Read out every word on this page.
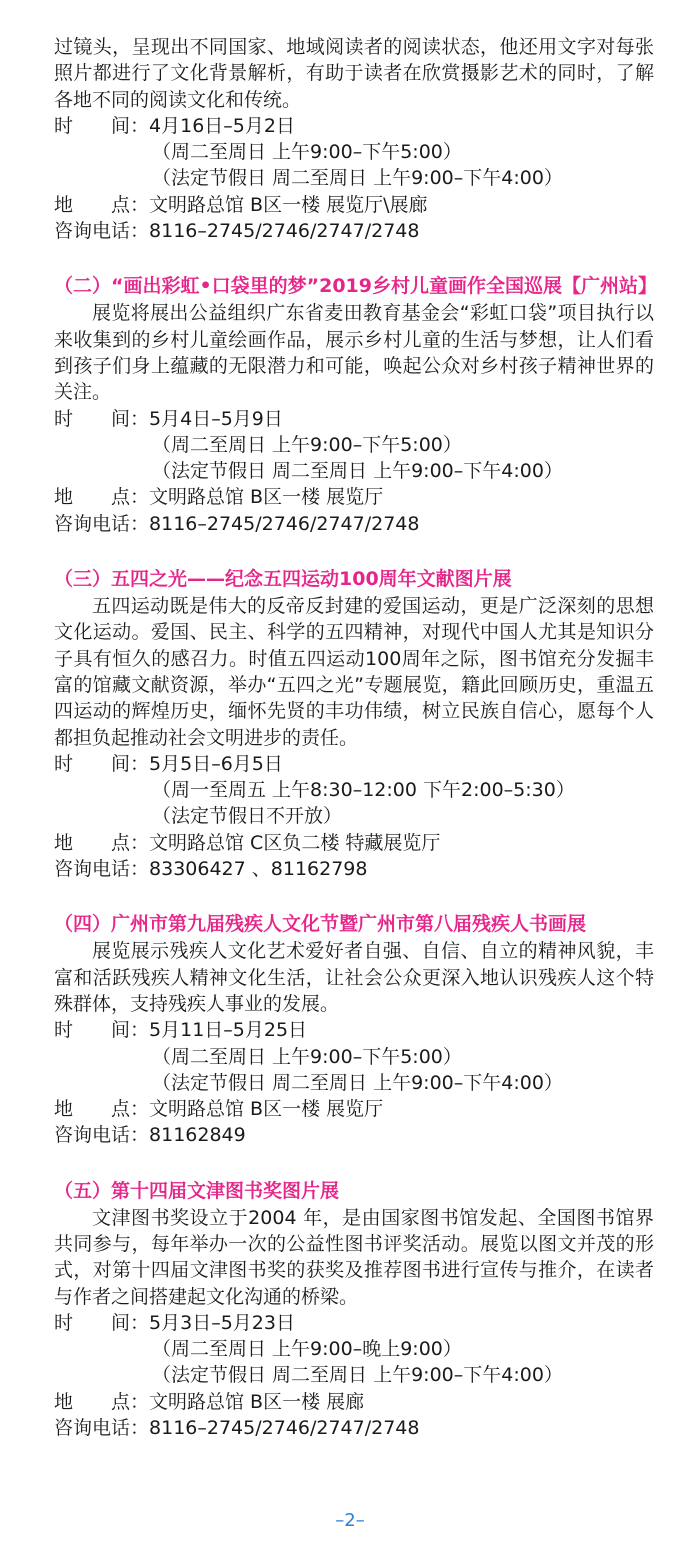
过镜头，呈现出不同国家、地域阅读者的阅读状态，他还用文字对每张照片都进行了文化背景解析，有助于读者在欣赏摄影艺术的同时，了解各地不同的阅读文化和传统。
时　　间：4月16日–5月2日
（周二至周日 上午9:00–下午5:00）
（法定节假日 周二至周日 上午9:00–下午4:00）
地　　点：文明路总馆 B区一楼 展览厅\展廊
咨询电话：8116–2745/2746/2747/2748
（二）“画出彩虹•口袋里的梦”2019乡村儿童画作全国巡展【广州站】
展览将展出公益组织广东省麦田教育基金会“彩虹口袋”项目执行以来收集到的乡村儿童绘画作品，展示乡村儿童的生活与梦想，让人们看到孩子们身上蕴藏的无限潜力和可能，唤起公众对乡村孩子精神世界的关注。
时　　间：5月4日–5月9日
（周二至周日 上午9:00–下午5:00）
（法定节假日 周二至周日 上午9:00–下午4:00）
地　　点：文明路总馆 B区一楼 展览厅
咨询电话：8116–2745/2746/2747/2748
（三）五四之光——纪念五四运动100周年文献图片展
五四运动既是伟大的反帝反封建的爱国运动，更是广泛深刻的思想文化运动。爱国、民主、科学的五四精神，对现代中国人尤其是知识分子具有恒久的感召力。时值五四运动100周年之际，图书馆充分发掘丰富的馆藏文献资源，举办“五四之光”专题展览，籍此回顾历史，重温五四运动的辉煌历史，缅怀先贤的丰功伟绩，树立民族自信心，愿每个人都担负起推动社会文明进步的责任。
时　　间：5月5日–6月5日
（周一至周五 上午8:30–12:00 下午2:00–5:30）
（法定节假日不开放）
地　　点：文明路总馆 C区负二楼 特藏展览厅
咨询电话：83306427 、81162798
（四）广州市第九届残疾人文化节暨广州市第八届残疾人书画展
展览展示残疾人文化艺术爱好者自强、自信、自立的精神风貌，丰富和活跃残疾人精神文化生活，让社会公众更深入地认识残疾人这个特殊群体，支持残疾人事业的发展。
时　　间：5月11日–5月25日
（周二至周日 上午9:00–下午5:00）
（法定节假日 周二至周日 上午9:00–下午4:00）
地　　点：文明路总馆 B区一楼 展览厅
咨询电话：81162849
（五）第十四届文津图书奖图片展
文津图书奖设立于2004 年，是由国家图书馆发起、全国图书馆界共同参与，每年举办一次的公益性图书评奖活动。展览以图文并茂的形式，对第十四届文津图书奖的获奖及推荐图书进行宣传与推介，在读者与作者之间搭建起文化沟通的桥梁。
时　　间：5月3日–5月23日
（周二至周日 上午9:00–晚上9:00）
（法定节假日 周二至周日 上午9:00–下午4:00）
地　　点：文明路总馆 B区一楼 展廊
咨询电话：8116–2745/2746/2747/2748
–2–
